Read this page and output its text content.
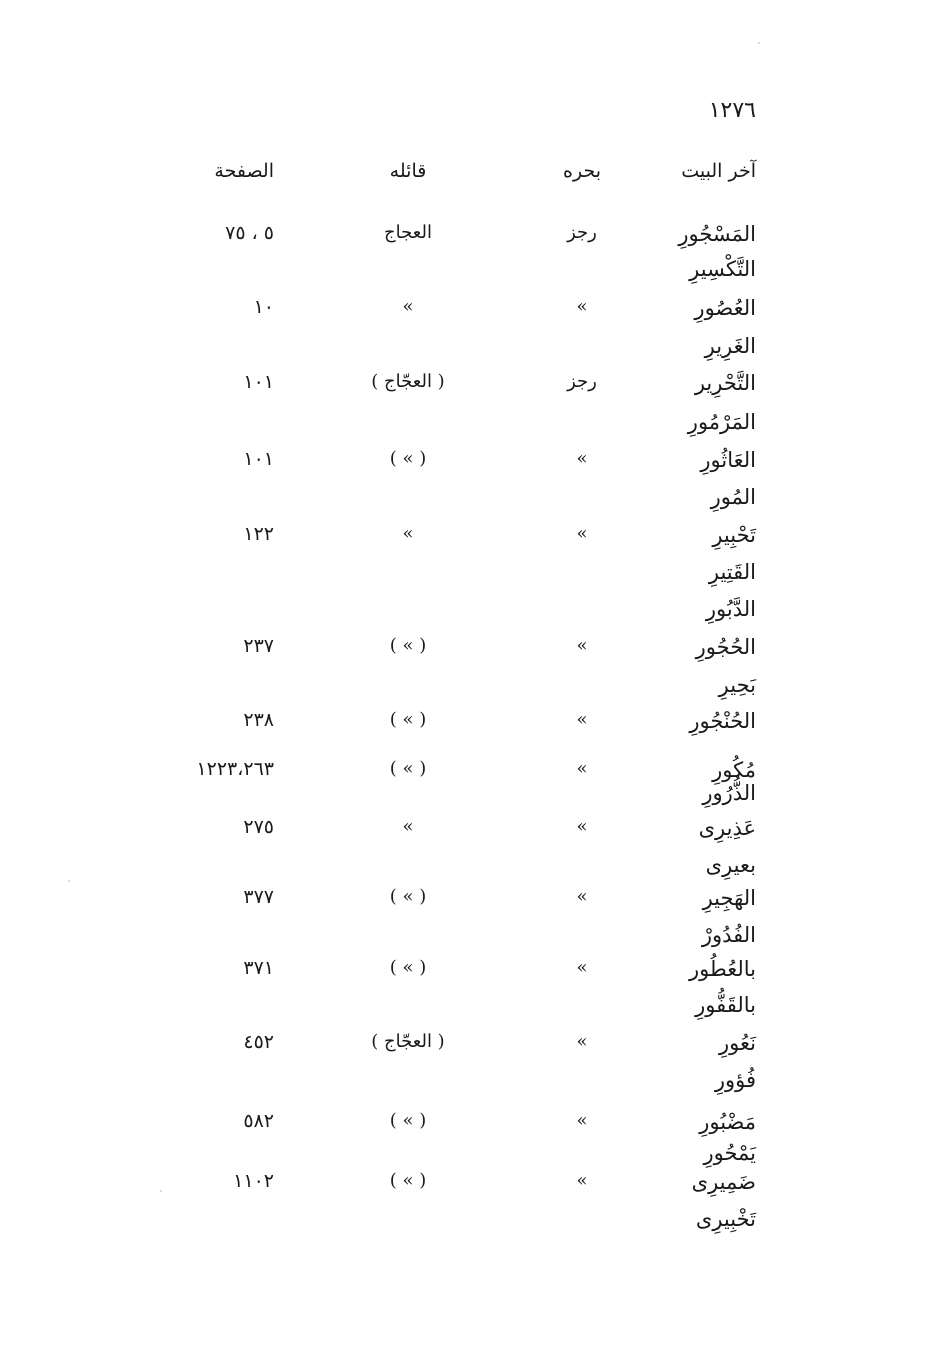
١٢٧٦
آخر البيت
بحره
قائله
الصفحة
المَسْجُورِ
رجز
العجاج
٥ ، ٧٥
التَّكْسِيرِ
العُصُورِ
»
»
١٠
الغَرِيرِ
التَّحْرِير
رجز
( العجّاج )
١٠١
المَرْمُورِ
العَاثُورِ
»
( » )
١٠١
المُورِ
تَحْبِيرِ
»
»
١٢٢
القَتِيرِ
الدَّبُورِ
الحُجُورِ
»
( » )
٢٣٧
بَحِيرِ
الحُنْجُورِ
»
( » )
٢٣٨
مُكُورِ
»
( » )
١٢٢٣،٢٦٣
الذُّرُورِ
عَذِيرِى
»
»
٢٧٥
بعيرِى
الهَجِيرِ
»
( » )
٣٧٧
الفُدُورْ
بالعُطُور
»
( » )
٣٧١
بالقَفُّورِ
نَعُورِ
»
( العجّاج )
٤٥٢
فُؤورِ
مَضْبُورِ
»
( » )
٥٨٢
يَمْحُورِ
ضَمِيرِى
»
( » )
١١٠٢
تَخْبِيرِى
